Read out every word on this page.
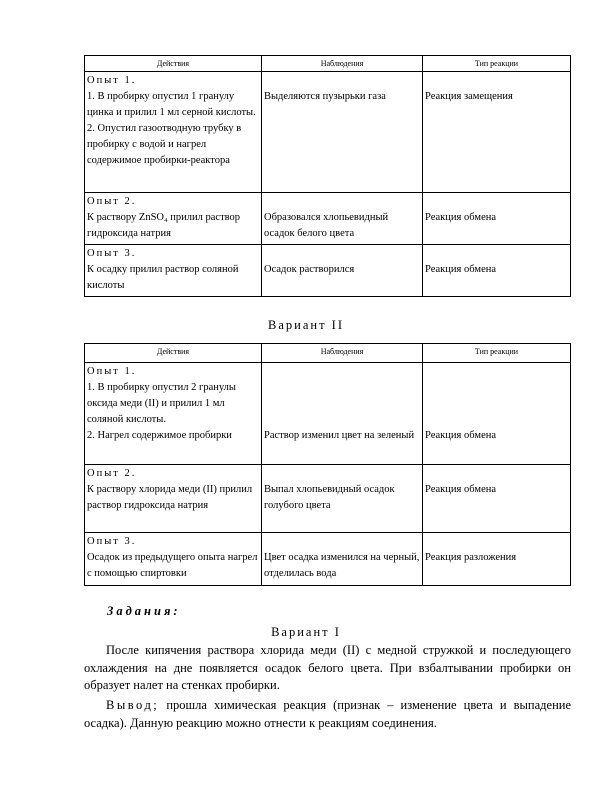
Действия	Наблюдения	Тип реакции

Опыт 1.
1. В пробирку опустил 1 гранулу цинка и прилил 1 мл серной кислоты.
2. Опустил газоотводную трубку в пробирку с водой и нагрел содержимое пробирки-реактора	Выделяются пузырьки газа	Реакция замещения

Опыт 2.
К раствору ZnSO₄ прилил раствор гидроксида натрия	Образовался хлопьевидный осадок белого цвета	Реакция обмена

Опыт 3.
К осадку прилил раствор соляной кислоты	Осадок растворился	Реакция обмена
Вариант II
Действия	Наблюдения	Тип реакции

Опыт 1.
1. В пробирку опустил 2 гранулы оксида меди (II) и прилил 1 мл соляной кислоты.
2. Нагрел содержимое пробирки	Раствор изменил цвет на зеленый	Реакция обмена

Опыт 2.
К раствору хлорида меди (II) прилил раствор гидроксида натрия	Выпал хлопьевидный осадок голубого цвета	Реакция обмена

Опыт 3.
Осадок из предыдущего опыта нагрел с помощью спиртовки	Цвет осадка изменился на черный, отделилась вода	Реакция разложения
Задания:
Вариант I
После кипячения раствора хлорида меди (II) с медной стружкой и последующего охлаждения на дне появляется осадок белого цвета. При взбалтывании пробирки он образует налет на стенках пробирки.
Вывод; прошла химическая реакция (признак – изменение цвета и выпадение осадка). Данную реакцию можно отнести к реакциям соединения.
